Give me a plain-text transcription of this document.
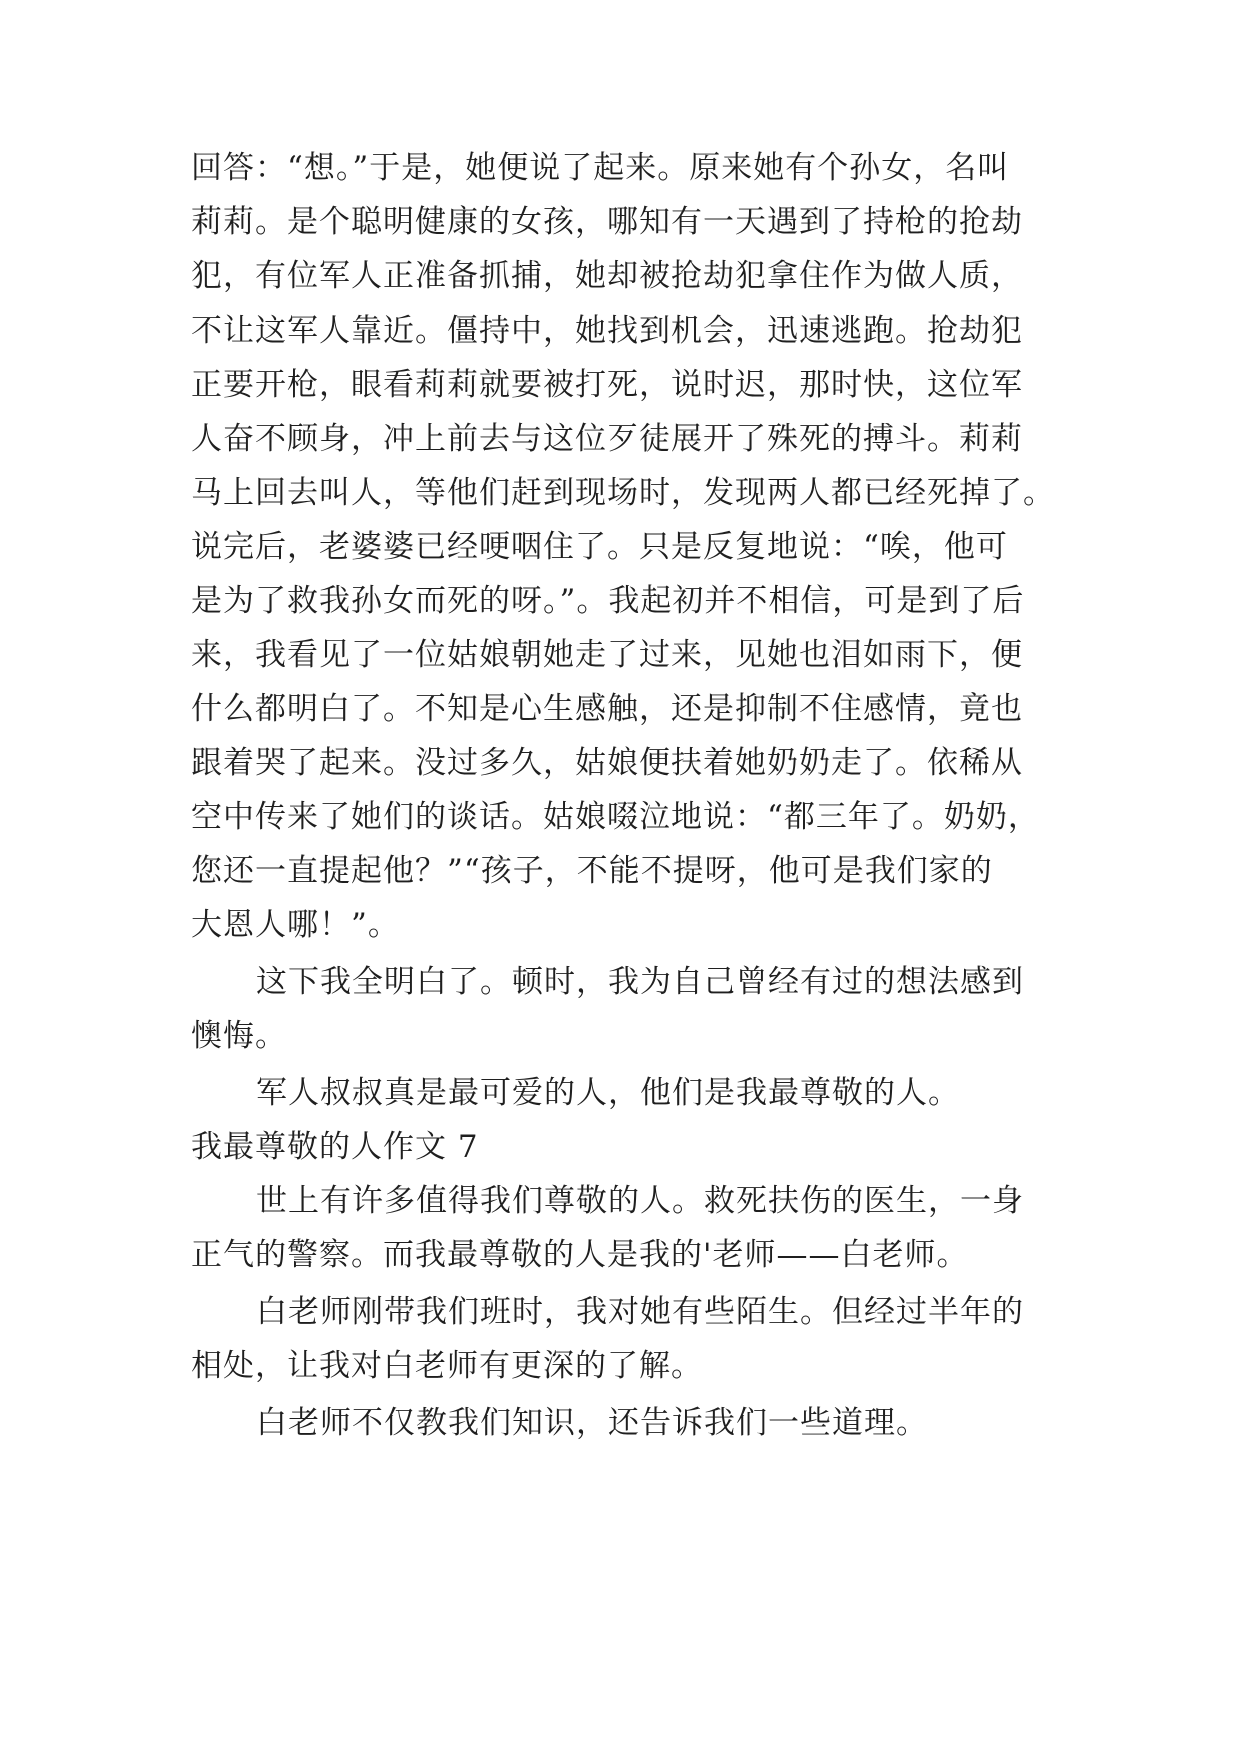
回答：“想。”于是，她便说了起来。原来她有个孙女，名叫

莉莉。是个聪明健康的女孩，哪知有一天遇到了持枪的抢劫

犯，有位军人正准备抓捕，她却被抢劫犯拿住作为做人质，

不让这军人靠近。僵持中，她找到机会，迅速逃跑。抢劫犯

正要开枪，眼看莉莉就要被打死，说时迟，那时快，这位军

人奋不顾身，冲上前去与这位歹徒展开了殊死的搏斗。莉莉

马上回去叫人，等他们赶到现场时，发现两人都已经死掉了。

说完后，老婆婆已经哽咽住了。只是反复地说：“唉，他可

是为了救我孙女而死的呀。”。我起初并不相信，可是到了后

来，我看见了一位姑娘朝她走了过来，见她也泪如雨下，便

什么都明白了。不知是心生感触，还是抑制不住感情，竟也

跟着哭了起来。没过多久，姑娘便扶着她奶奶走了。依稀从

空中传来了她们的谈话。姑娘啜泣地说：“都三年了。奶奶，

您还一直提起他？”“孩子，不能不提呀，他可是我们家的

大恩人哪！”。

这下我全明白了。顿时，我为自己曾经有过的想法感到

懊悔。

军人叔叔真是最可爱的人，他们是我最尊敬的人。

我最尊敬的人作文 7

世上有许多值得我们尊敬的人。救死扶伤的医生，一身

正气的警察。而我最尊敬的人是我的'老师——白老师。

白老师刚带我们班时，我对她有些陌生。但经过半年的

相处，让我对白老师有更深的了解。

白老师不仅教我们知识，还告诉我们一些道理。
